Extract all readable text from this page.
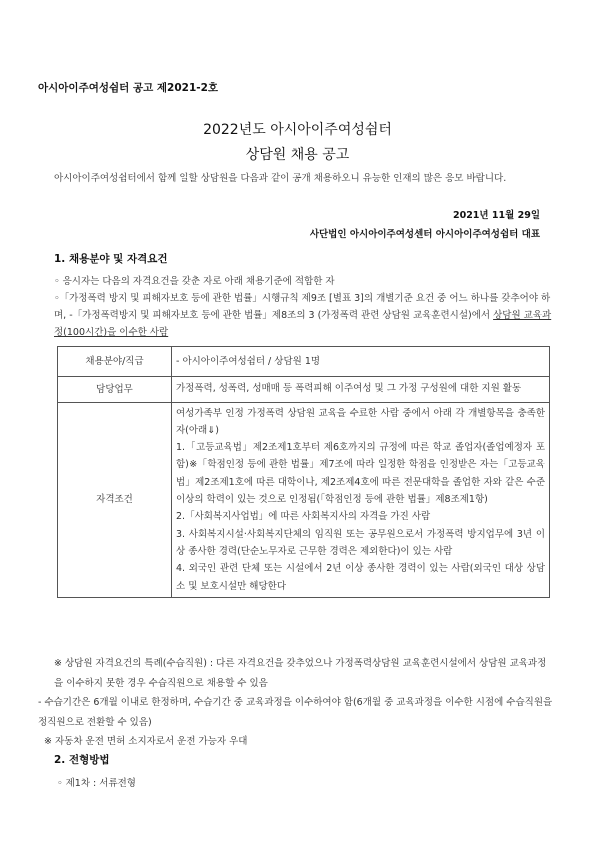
아시아이주여성쉼터 공고 제2021-2호
2022년도 아시아이주여성쉼터
상담원 채용 공고
아시아이주여성쉼터에서 함께 일할 상담원을 다음과 같이 공개 채용하오니 유능한 인재의 많은 응모 바랍니다.
2021년 11월 29일
사단법인 아시아이주여성센터 아시아이주여성쉼터 대표
1. 채용분야 및 자격요건

◦ 응시자는 다음의 자격요건을 갖춘 자로 아래 채용기준에 적합한 자

◦「가정폭력 방지 및 피해자보호 등에 관한 법률」시행규칙 제9조 [별표 3]의 개별기준 요건 중 어느 하나를 갖추어야 하며, -「가정폭력방지 및 피해자보호 등에 관한 법률」제8조의 3 (가정폭력 관련 상담원 교육훈련시설)에서 상담원 교육과정(100시간)을 이수한 사람

채용분야/직급	- 아시아이주여성쉼터 / 상담원 1명
담당업무	가정폭력, 성폭력, 성매매 등 폭력피해 이주여성 및 그 가정 구성원에 대한 지원 활동
자격조건	여성가족부 인정 가정폭력 상담원 교육을 수료한 사람 중에서 아래 각 개별항목을 충족한 자(아래⇓)

1.「고등교육법」제2조제1호부터 제6호까지의 규정에 따른 학교 졸업자(졸업예정자 포함)※「학점인정 등에 관한 법률」제7조에 따라 일정한 학점을 인정받은 자는「고등교육법」제2조제1호에 따른 대학이나, 제2조제4호에 따른 전문대학을 졸업한 자와 같은 수준 이상의 학력이 있는 것으로 인정됨(「학점인정 등에 관한 법률」제8조제1항)

2.「사회복지사업법」에 따른 사회복지사의 자격을 가진 사람

3. 사회복지시설·사회복지단체의 임직원 또는 공무원으로서 가정폭력 방지업무에 3년 이상 종사한 경력(단순노무자로 근무한 경력은 제외한다)이 있는 사람

4. 외국인 관련 단체 또는 시설에서 2년 이상 종사한 경력이 있는 사람(외국인 대상 상담소 및 보호시설만 해당한다

※ 상담원 자격요건의 특례(수습직원) : 다른 자격요건을 갖추었으나 가정폭력상담원 교육훈련시설에서 상담원 교육과정을 이수하지 못한 경우 수습직원으로 채용할 수 있음

- 수습기간은 6개월 이내로 한정하며, 수습기간 중 교육과정을 이수하여야 함(6개월 중 교육과정을 이수한 시점에 수습직원을 정직원으로 전환할 수 있음)

※ 자동차 운전 면허 소지자로서 운전 가능자 우대

2. 전형방법
◦ 제1차 : 서류전형
